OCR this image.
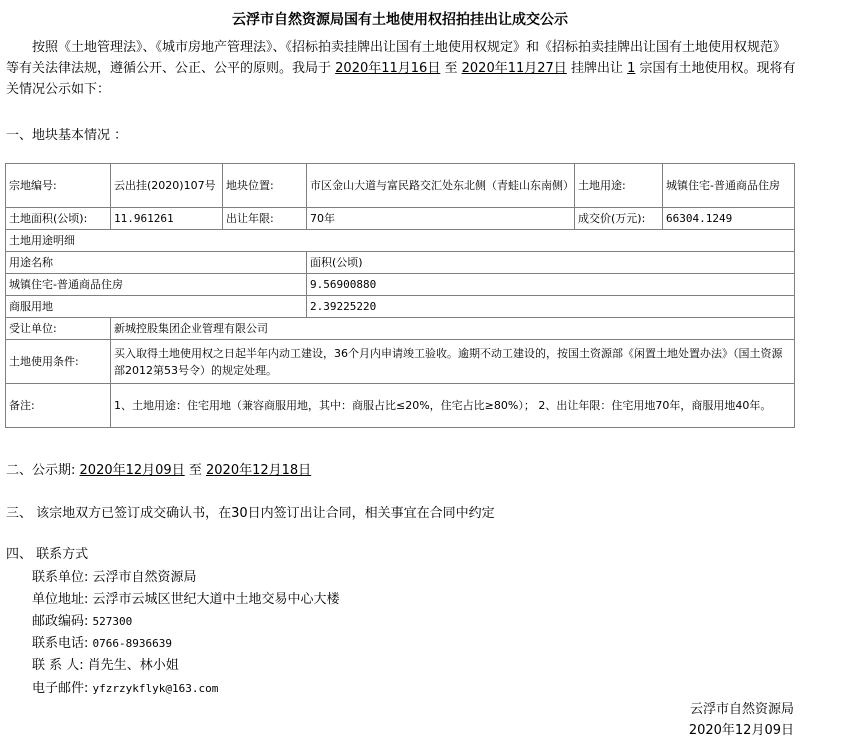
云浮市自然资源局国有土地使用权招拍挂出让成交公示
按照《土地管理法》、《城市房地产管理法》、《招标拍卖挂牌出让国有土地使用权规定》和《招标拍卖挂牌出让国有土地使用权规范》等有关法律法规，遵循公开、公正、公平的原则。我局于 2020年11月16日 至 2020年11月27日 挂牌出让 1 宗国有土地使用权。现将有关情况公示如下：
一、地块基本情况 ：
宗地编号:	云出挂(2020)107号	地块位置:	市区金山大道与富民路交汇处东北侧（青蛙山东南侧）	土地用途:	城镇住宅-普通商品住房
土地面积(公顷):	11.961261	出让年限:	70年	成交价(万元):	66304.1249
土地用途明细					
用途名称			面积(公顷)		
城镇住宅-普通商品住房			9.56900880		
商服用地			2.39225220		
受让单位:	新城控股集团企业管理有限公司				
土地使用条件:	买入取得土地使用权之日起半年内动工建设，36个月内申请竣工验收。逾期不动工建设的，按国土资源部《闲置土地处置办法》（国土资源部2012第53号令）的规定处理。				
备注:	1、土地用途：住宅用地（兼容商服用地，其中：商服占比≤20%，住宅占比≥80%）； 2、出让年限：住宅用地70年，商服用地40年。				
二、公示期: 2020年12月09日 至 2020年12月18日
三、 该宗地双方已签订成交确认书，在30日内签订出让合同，相关事宜在合同中约定
四、 联系方式
联系单位: 云浮市自然资源局
单位地址: 云浮市云城区世纪大道中土地交易中心大楼
邮政编码: 527300
联系电话: 0766-8936639
联 系 人: 肖先生、林小姐
电子邮件: yfzrzykflyk@163.com
云浮市自然资源局
2020年12月09日
